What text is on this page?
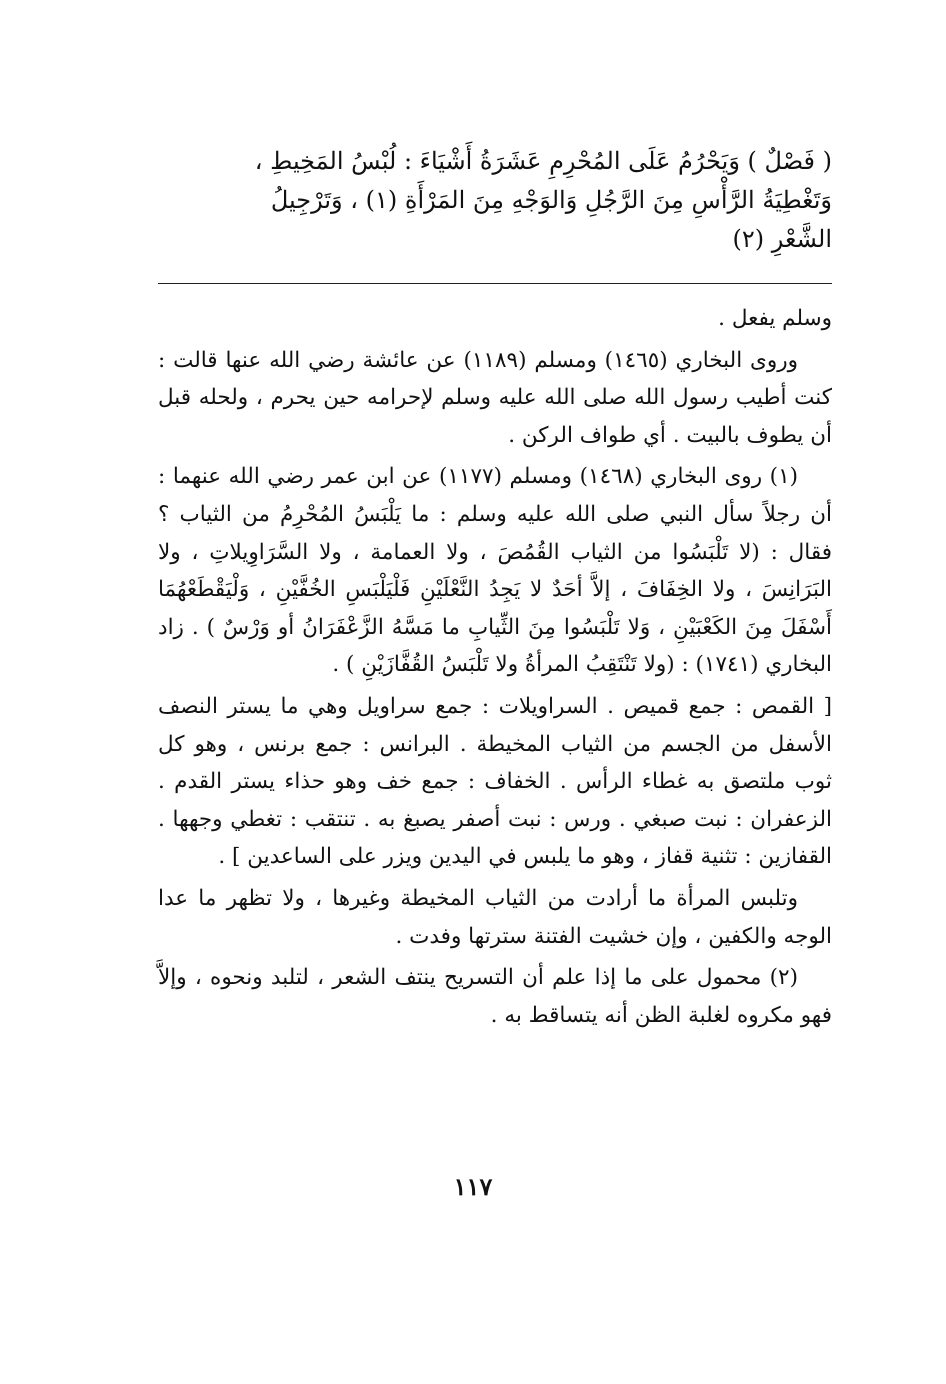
( فَصْلٌ ) وَيَحْرُمُ عَلَى المُحْرِمِ عَشَرَةُ أَشْيَاءَ : لُبْسُ المَخِيطِ ،

وَتَغْطِيَةُ الرَّأْسِ مِنَ الرَّجُلِ وَالوَجْهِ مِنَ المَرْأَةِ (١) ، وَتَرْجِيلُ

الشَّعْرِ (٢)

وسلم يفعل .

وروى البخاري (١٤٦٥) ومسلم (١١٨٩) عن عائشة رضي الله عنها قالت : كنت أطيب رسول الله صلى الله عليه وسلم لإحرامه حين يحرم ، ولحله قبل أن يطوف بالبيت . أي طواف الركن .

(١) روى البخاري (١٤٦٨) ومسلم (١١٧٧) عن ابن عمر رضي الله عنهما : أن رجلاً سأل النبي صلى الله عليه وسلم : ما يَلْبَسُ المُحْرِمُ من الثياب ؟ فقال : (لا تَلْبَسُوا من الثياب القُمُصَ ، ولا العمامة ، ولا السَّرَاوِيلاتِ ، ولا البَرَانِسَ ، ولا الخِفَافَ ، إلاَّ أحَدٌ لا يَجِدُ النَّعْلَيْنِ فَلْيَلْبَسِ الخُفَّيْنِ ، وَلْيَقْطَعْهُمَا أَسْفَلَ مِنَ الكَعْبَيْنِ ، وَلا تَلْبَسُوا مِنَ الثِّيابِ ما مَسَّهُ الزَّعْفَرَانُ أو وَرْسٌ ) . زاد البخاري (١٧٤١) : (ولا تَنْتَقِبُ المرأةُ ولا تَلْبَسُ القُفَّازَيْنِ ) .

[ القمص : جمع قميص . السراويلات : جمع سراويل وهي ما يستر النصف الأسفل من الجسم من الثياب المخيطة . البرانس : جمع برنس ، وهو كل ثوب ملتصق به غطاء الرأس . الخفاف : جمع خف وهو حذاء يستر القدم . الزعفران : نبت صبغي . ورس : نبت أصفر يصبغ به . تنتقب : تغطي وجهها . القفازين : تثنية قفاز ، وهو ما يلبس في اليدين ويزر على الساعدين ] .

وتلبس المرأة ما أرادت من الثياب المخيطة وغيرها ، ولا تظهر ما عدا الوجه والكفين ، وإن خشيت الفتنة سترتها وفدت .

(٢) محمول على ما إذا علم أن التسريح ينتف الشعر ، لتلبد ونحوه ، وإلاَّ فهو مكروه لغلبة الظن أنه يتساقط به .

١١٧
